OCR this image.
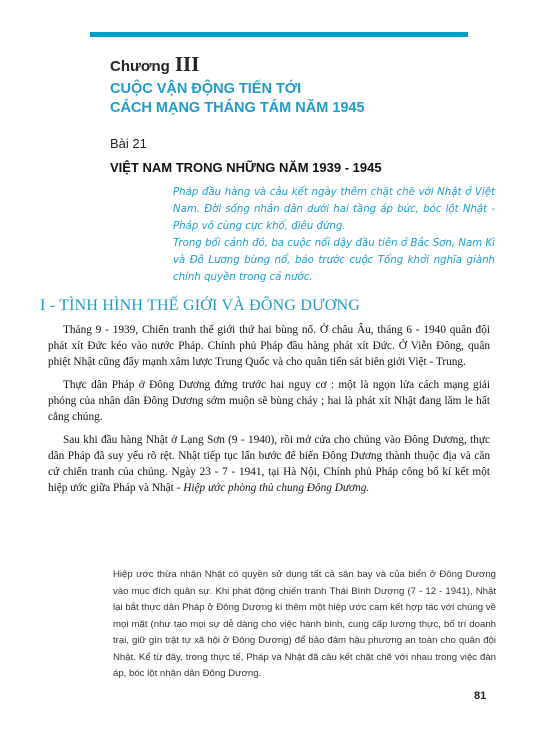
Chương III
CUỘC VẬN ĐỘNG TIẾN TỚI
CÁCH MẠNG THÁNG TÁM NĂM 1945
Bài 21
VIỆT NAM TRONG NHỮNG NĂM 1939 - 1945

Pháp đầu hàng và câu kết ngày thêm chặt chẽ với Nhật ở Việt Nam. Đời sống nhân dân dưới hai tầng áp bức, bóc lột Nhật - Pháp vô cùng cực khổ, điêu đứng.

Trong bối cảnh đó, ba cuộc nổi dậy đầu tiên ở Bắc Sơn, Nam Kì và Đô Lương bùng nổ, báo trước cuộc Tổng khởi nghĩa giành chính quyền trong cả nước.

I - TÌNH HÌNH THẾ GIỚI VÀ ĐÔNG DƯƠNG

Tháng 9 - 1939, Chiến tranh thế giới thứ hai bùng nổ. Ở châu Âu, tháng 6 - 1940 quân đội phát xít Đức kéo vào nước Pháp. Chính phủ Pháp đầu hàng phát xít Đức. Ở Viễn Đông, quân phiệt Nhật cũng đẩy mạnh xâm lược Trung Quốc và cho quân tiến sát biên giới Việt - Trung.

Thực dân Pháp ở Đông Dương đứng trước hai nguy cơ : một là ngọn lửa cách mạng giải phóng của nhân dân Đông Dương sớm muộn sẽ bùng cháy ; hai là phát xít Nhật đang lăm le hất cẳng chúng.

Sau khi đầu hàng Nhật ở Lạng Sơn (9 - 1940), rồi mở cửa cho chúng vào Đông Dương, thực dân Pháp đã suy yếu rõ rệt. Nhật tiếp tục lấn bước để biến Đông Dương thành thuộc địa và căn cứ chiến tranh của chúng. Ngày 23 - 7 - 1941, tại Hà Nội, Chính phủ Pháp công bố kí kết một hiệp ước giữa Pháp và Nhật - Hiệp ước phòng thủ chung Đông Dương.

Hiệp ước thừa nhận Nhật có quyền sử dụng tất cả sân bay và của biển ở Đông Dương vào mục đích quân sự. Khi phát động chiến tranh Thái Bình Dương (7 - 12 - 1941), Nhật lại bắt thực dân Pháp ở Đông Dương kí thêm một hiệp ước cam kết hợp tác với chúng về mọi mặt (như tạo mọi sự dễ dàng cho việc hành binh, cung cấp lương thực, bố trí doanh trại, giữ gìn trật tự xã hội ở Đông Dương) để bảo đảm hậu phương an toàn cho quân đội Nhật. Kể từ đây, trong thực tế, Pháp và Nhật đã câu kết chặt chẽ với nhau trong việc đàn áp, bóc lột nhân dân Đông Dương.
81
